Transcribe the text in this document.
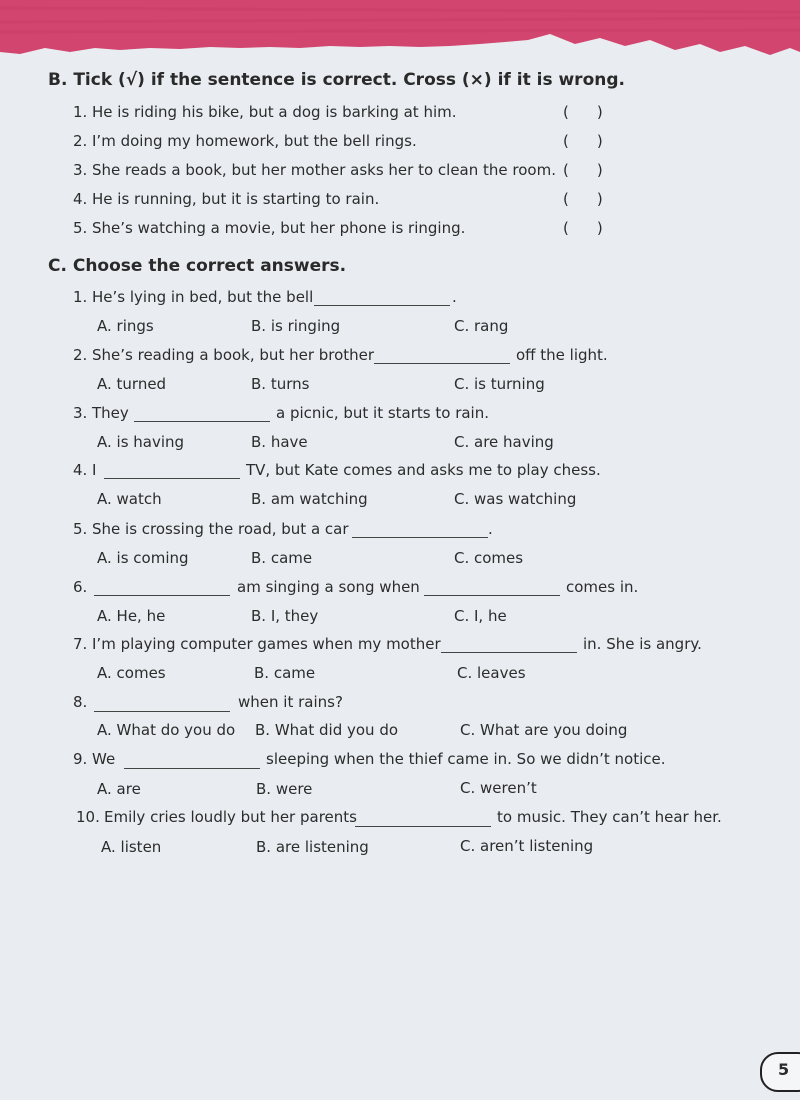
B. Tick (√) if the sentence is correct. Cross (×) if it is wrong.
1. He is riding his bike, but a dog is barking at him.	( )
2. I’m doing my homework, but the bell rings.	( )
3. She reads a book, but her mother asks her to clean the room. ( )
4. He is running, but it is starting to rain.	( )
5. She’s watching a movie, but her phone is ringing.	( )
C. Choose the correct answers.
1. He’s lying in bed, but the bell	.
A. rings	B. is ringing	C. rang
2. She’s reading a book, but her brother	off the light.
A. turned	B. turns	C. is turning
3. They	a picnic, but it starts to rain.
A. is having	B. have	C. are having
4. I	TV, but Kate comes and asks me to play chess.
A. watch	B. am watching	C. was watching
5. She is crossing the road, but a car	.
A. is coming	B. came	C. comes
6.	am singing a song when	comes in.
A. He, he	B. I, they	C. I, he
7. I’m playing computer games when my mother	in. She is angry.
A. comes	B. came	C. leaves
8.	when it rains?
A. What do you do B. What did you do	C. What are you doing
9. We	sleeping when the thief came in. So we didn’t notice.
A. are	B. were	C. weren’t
10. Emily cries loudly but her parents	to music. They can’t hear her.
A. listen	B. are listening	C. aren’t listening
5
